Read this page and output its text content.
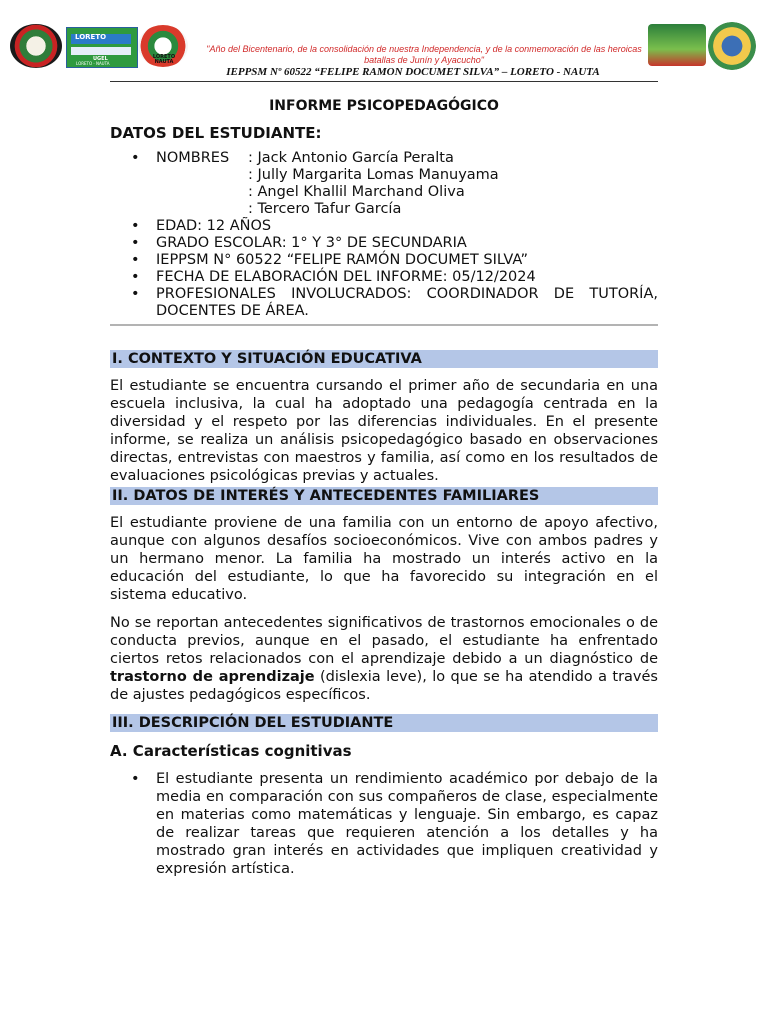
LORETO
UGEL
LORETO · NAUTA
LORETO NAUTA
"Año del Bicentenario, de la consolidación de nuestra Independencia, y de la conmemoración de las heroicas batallas de Junín y Ayacucho"
IEPPSM Nº 60522 “FELIPE RAMON DOCUMET SILVA” – LORETO - NAUTA
INFORME PSICOPEDAGÓGICO
DATOS DEL ESTUDIANTE:
• NOMBRES	: Jack Antonio García Peralta
: Jully Margarita Lomas Manuyama
: Angel Khallil Marchand Oliva
: Tercero Tafur García
• EDAD: 12 AÑOS
• GRADO ESCOLAR: 1° Y 3° DE SECUNDARIA
• IEPPSM N° 60522 “FELIPE RAMÓN DOCUMET SILVA”
• FECHA DE ELABORACIÓN DEL INFORME: 05/12/2024
• PROFESIONALES INVOLUCRADOS: COORDINADOR DE TUTORÍA, DOCENTES DE ÁREA.
I. CONTEXTO Y SITUACIÓN EDUCATIVA

El estudiante se encuentra cursando el primer año de secundaria en una escuela inclusiva, la cual ha adoptado una pedagogía centrada en la diversidad y el respeto por las diferencias individuales. En el presente informe, se realiza un análisis psicopedagógico basado en observaciones directas, entrevistas con maestros y familia, así como en los resultados de evaluaciones psicológicas previas y actuales.

II. DATOS DE INTERÉS Y ANTECEDENTES FAMILIARES

El estudiante proviene de una familia con un entorno de apoyo afectivo, aunque con algunos desafíos socioeconómicos. Vive con ambos padres y un hermano menor. La familia ha mostrado un interés activo en la educación del estudiante, lo que ha favorecido su integración en el sistema educativo.

No se reportan antecedentes significativos de trastornos emocionales o de conducta previos, aunque en el pasado, el estudiante ha enfrentado ciertos retos relacionados con el aprendizaje debido a un diagnóstico de trastorno de aprendizaje (dislexia leve), lo que se ha atendido a través de ajustes pedagógicos específicos.

III. DESCRIPCIÓN DEL ESTUDIANTE

A. Características cognitivas

• El estudiante presenta un rendimiento académico por debajo de la media en comparación con sus compañeros de clase, especialmente en materias como matemáticas y lenguaje. Sin embargo, es capaz de realizar tareas que requieren atención a los detalles y ha mostrado gran interés en actividades que impliquen creatividad y expresión artística.
